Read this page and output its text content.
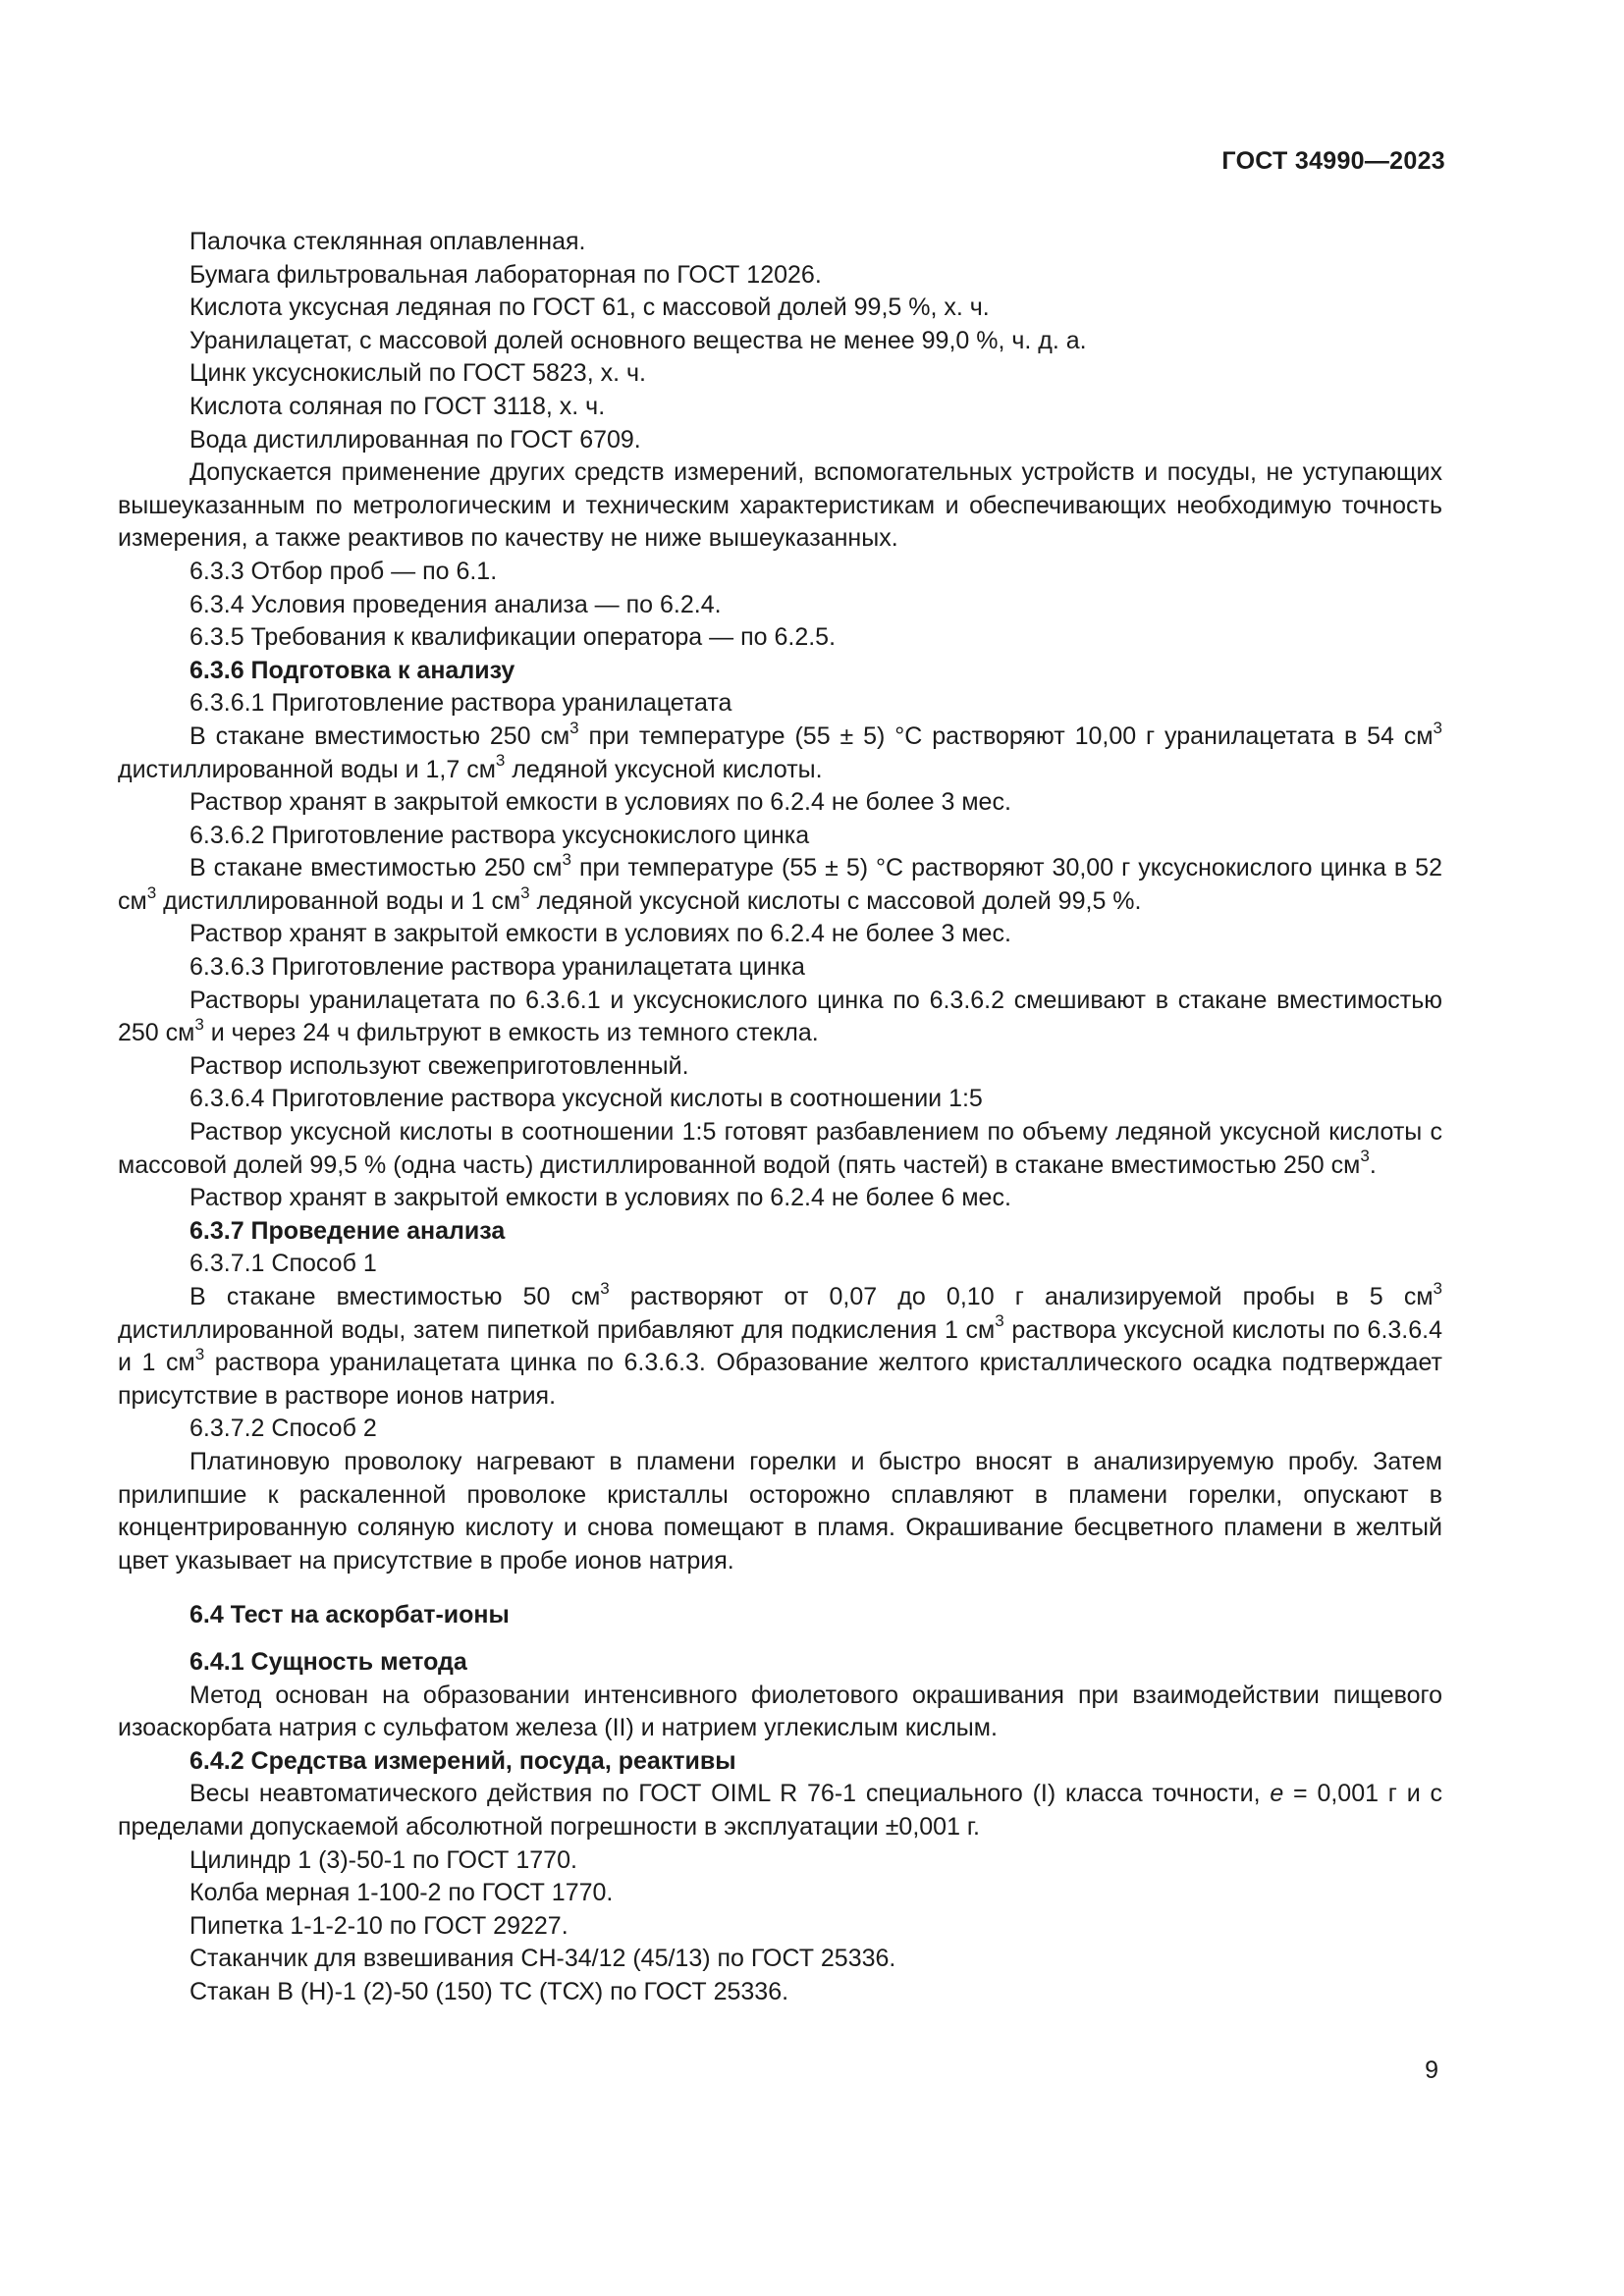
ГОСТ 34990—2023

Палочка стеклянная оплавленная.

Бумага фильтровальная лабораторная по ГОСТ 12026.

Кислота уксусная ледяная по ГОСТ 61, с массовой долей 99,5 %, х. ч.

Уранилацетат, с массовой долей основного вещества не менее 99,0 %, ч. д. а.

Цинк уксуснокислый по ГОСТ 5823, х. ч.

Кислота соляная по ГОСТ 3118, х. ч.

Вода дистиллированная по ГОСТ 6709.

Допускается применение других средств измерений, вспомогательных устройств и посуды, не уступающих вышеуказанным по метрологическим и техническим характеристикам и обеспечивающих необходимую точность измерения, а также реактивов по качеству не ниже вышеуказанных.

6.3.3 Отбор проб — по 6.1.

6.3.4 Условия проведения анализа — по 6.2.4.

6.3.5 Требования к квалификации оператора — по 6.2.5.

6.3.6 Подготовка к анализу

6.3.6.1 Приготовление раствора уранилацетата

В стакане вместимостью 250 $см^3$ при температуре (55 ± 5) °С растворяют 10,00 г уранилацетата в 54 $см^3$ дистиллированной воды и 1,7 $см^3$ ледяной уксусной кислоты.

Раствор хранят в закрытой емкости в условиях по 6.2.4 не более 3 мес.

6.3.6.2 Приготовление раствора уксуснокислого цинка

В стакане вместимостью 250 $см^3$ при температуре (55 ± 5) °С растворяют 30,00 г уксуснокислого цинка в 52 $см^3$ дистиллированной воды и 1 $см^3$ ледяной уксусной кислоты с массовой долей 99,5 %.

Раствор хранят в закрытой емкости в условиях по 6.2.4 не более 3 мес.

6.3.6.3 Приготовление раствора уранилацетата цинка

Растворы уранилацетата по 6.3.6.1 и уксуснокислого цинка по 6.3.6.2 смешивают в стакане вместимостью 250 $см^3$ и через 24 ч фильтруют в емкость из темного стекла.

Раствор используют свежеприготовленный.

6.3.6.4 Приготовление раствора уксусной кислоты в соотношении 1:5

Раствор уксусной кислоты в соотношении 1:5 готовят разбавлением по объему ледяной уксусной кислоты с массовой долей 99,5 % (одна часть) дистиллированной водой (пять частей) в стакане вместимостью 250 $см^3$.

Раствор хранят в закрытой емкости в условиях по 6.2.4 не более 6 мес.

6.3.7 Проведение анализа

6.3.7.1 Способ 1

В стакане вместимостью 50 $см^3$ растворяют от 0,07 до 0,10 г анализируемой пробы в 5 $см^3$ дистиллированной воды, затем пипеткой прибавляют для подкисления 1 $см^3$ раствора уксусной кислоты по 6.3.6.4 и 1 $см^3$ раствора уранилацетата цинка по 6.3.6.3. Образование желтого кристаллического осадка подтверждает присутствие в растворе ионов натрия.

6.3.7.2 Способ 2

Платиновую проволоку нагревают в пламени горелки и быстро вносят в анализируемую пробу. Затем прилипшие к раскаленной проволоке кристаллы осторожно сплавляют в пламени горелки, опускают в концентрированную соляную кислоту и снова помещают в пламя. Окрашивание бесцветного пламени в желтый цвет указывает на присутствие в пробе ионов натрия.

6.4 Тест на аскорбат-ионы

6.4.1 Сущность метода

Метод основан на образовании интенсивного фиолетового окрашивания при взаимодействии пищевого изоаскорбата натрия с сульфатом железа (II) и натрием углекислым кислым.

6.4.2 Средства измерений, посуда, реактивы

Весы неавтоматического действия по ГОСТ OIML R 76-1 специального (I) класса точности, e = 0,001 г и с пределами допускаемой абсолютной погрешности в эксплуатации ±0,001 г.

Цилиндр 1 (3)-50-1 по ГОСТ 1770.

Колба мерная 1-100-2 по ГОСТ 1770.

Пипетка 1-1-2-10 по ГОСТ 29227.

Стаканчик для взвешивания СН-34/12 (45/13) по ГОСТ 25336.

Стакан В (Н)-1 (2)-50 (150) ТС (ТСХ) по ГОСТ 25336.

9
